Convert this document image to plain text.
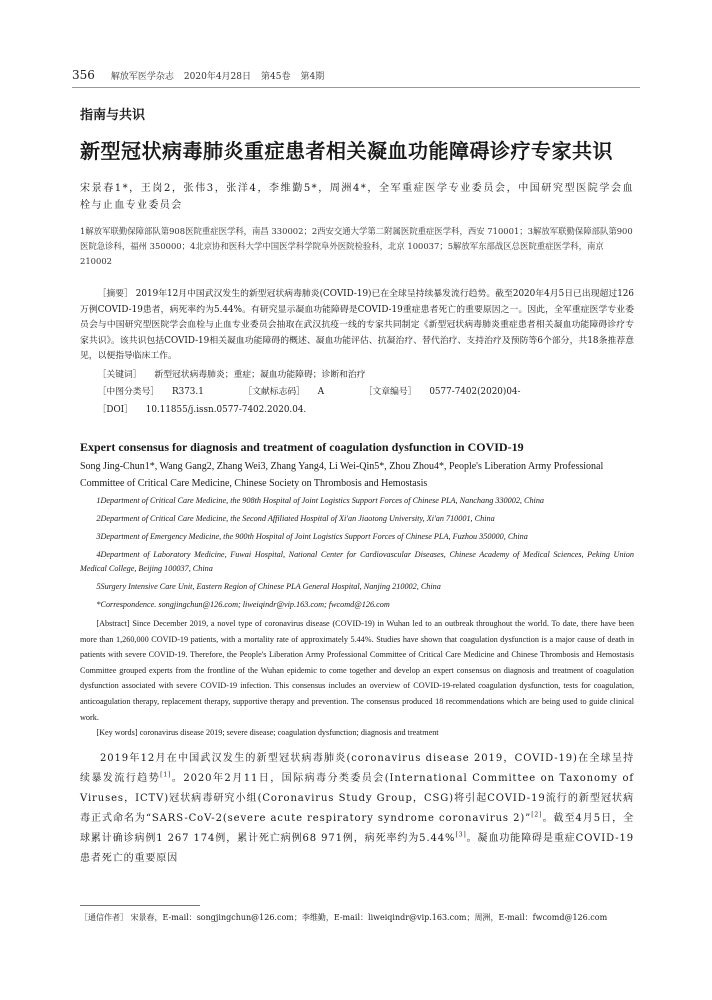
356 解放军医学杂志 2020年4月28日 第45卷 第4期

指南与共识

新型冠状病毒肺炎重症患者相关凝血功能障碍诊疗专家共识

宋景春1*，王岗2，张伟3，张洋4，李维勤5*，周洲4*，全军重症医学专业委员会，中国研究型医院学会血栓与止血专业委员会

1解放军联勤保障部队第908医院重症医学科，南昌 330002；2西安交通大学第二附属医院重症医学科，西安 710001；3解放军联勤保障部队第900医院急诊科，福州 350000；4北京协和医科大学中国医学科学院阜外医院检验科，北京 100037；5解放军东部战区总医院重症医学科，南京 210002

［摘要］ 2019年12月中国武汉发生的新型冠状病毒肺炎(COVID-19)已在全球呈持续暴发流行趋势。截至2020年4月5日已出现超过126万例COVID-19患者，病死率约为5.44%。有研究显示凝血功能障碍是COVID-19重症患者死亡的重要原因之一。因此，全军重症医学专业委员会与中国研究型医院学会血栓与止血专业委员会抽取在武汉抗疫一线的专家共同制定《新型冠状病毒肺炎重症患者相关凝血功能障碍诊疗专家共识》。该共识包括COVID-19相关凝血功能障碍的概述、凝血功能评估、抗凝治疗、替代治疗、支持治疗及预防等6个部分，共18条推荐意见，以便指导临床工作。

［关键词］ 新型冠状病毒肺炎；重症；凝血功能障碍；诊断和治疗

［中图分类号］ R373.1	［文献标志码］ A	［文章编号］ 0577-7402(2020)04-

［DOI］ 10.11855/j.issn.0577-7402.2020.04.

Expert consensus for diagnosis and treatment of coagulation dysfunction in COVID-19

Song Jing-Chun1*, Wang Gang2, Zhang Wei3, Zhang Yang4, Li Wei-Qin5*, Zhou Zhou4*, People's Liberation Army Professional Committee of Critical Care Medicine, Chinese Society on Thrombosis and Hemostasis

1Department of Critical Care Medicine, the 908th Hospital of Joint Logistics Support Forces of Chinese PLA, Nanchang 330002, China

2Department of Critical Care Medicine, the Second Affiliated Hospital of Xi'an Jiaotong University, Xi'an 710001, China

3Department of Emergency Medicine, the 900th Hospital of Joint Logistics Support Forces of Chinese PLA, Fuzhou 350000, China

4Department of Laboratory Medicine, Fuwai Hospital, National Center for Cardiovascular Diseases, Chinese Academy of Medical Sciences, Peking Union Medical College, Beijing 100037, China

5Surgery Intensive Care Unit, Eastern Region of Chinese PLA General Hospital, Nanjing 210002, China

*Correspondence. songjingchun@126.com; liweiqindr@vip.163.com; fwcomd@126.com

[Abstract] Since December 2019, a novel type of coronavirus disease (COVID-19) in Wuhan led to an outbreak throughout the world. To date, there have been more than 1,260,000 COVID-19 patients, with a mortality rate of approximately 5.44%. Studies have shown that coagulation dysfunction is a major cause of death in patients with severe COVID-19. Therefore, the People's Liberation Army Professional Committee of Critical Care Medicine and Chinese Thrombosis and Hemostasis Committee grouped experts from the frontline of the Wuhan epidemic to come together and develop an expert consensus on diagnosis and treatment of coagulation dysfunction associated with severe COVID-19 infection. This consensus includes an overview of COVID-19-related coagulation dysfunction, tests for coagulation, anticoagulation therapy, replacement therapy, supportive therapy and prevention. The consensus produced 18 recommendations which are being used to guide clinical work.

[Key words] coronavirus disease 2019; severe disease; coagulation dysfunction; diagnosis and treatment

2019年12月在中国武汉发生的新型冠状病毒肺炎(coronavirus disease 2019，COVID-19)在全球呈持续暴发流行趋势[1]。2020年2月11日，国际病毒分类委员会(International Committee on Taxonomy of Viruses，ICTV)冠状病毒研究小组(Coronavirus Study Group，CSG)将引起COVID-19流行的新型冠状病毒正式命名为“SARS-CoV-2(severe acute respiratory syndrome coronavirus 2)”[2]。截至4月5日，全球累计确诊病例1 267 174例，累计死亡病例68 971例，病死率约为5.44%[3]。凝血功能障碍是重症COVID-19患者死亡的重要原因

［通信作者］ 宋景春，E-mail：songjingchun@126.com；李维勤，E-mail：liweiqindr@vip.163.com；周洲，E-mail：fwcomd@126.com
